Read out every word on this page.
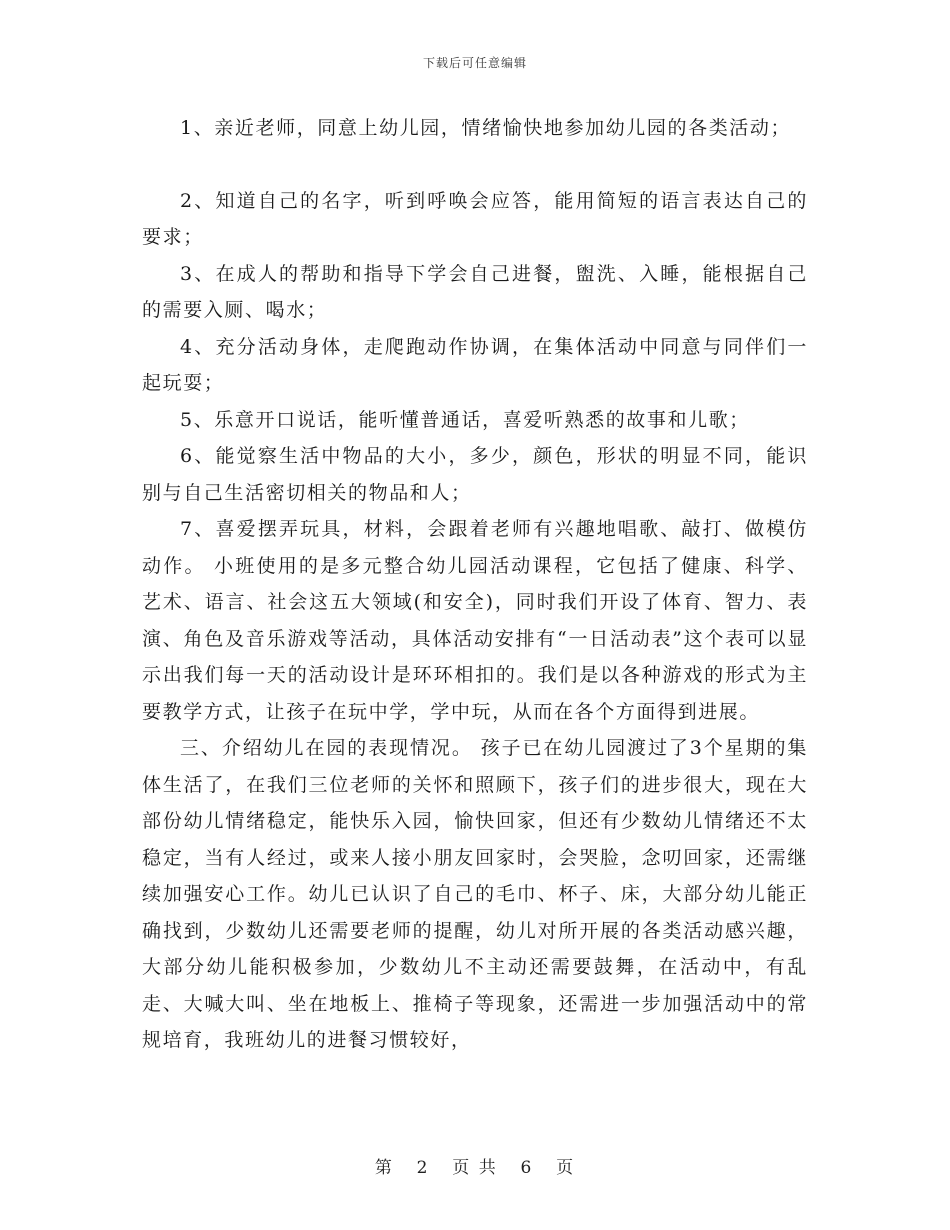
下载后可任意编辑

1、亲近老师，同意上幼儿园，情绪愉快地参加幼儿园的各类活动；

2、知道自己的名字，听到呼唤会应答，能用简短的语言表达自己的要求；

3、在成人的帮助和指导下学会自己进餐，盥洗、入睡，能根据自己的需要入厕、喝水；

4、充分活动身体，走爬跑动作协调，在集体活动中同意与同伴们一起玩耍；

5、乐意开口说话，能听懂普通话，喜爱听熟悉的故事和儿歌；

6、能觉察生活中物品的大小，多少，颜色，形状的明显不同，能识别与自己生活密切相关的物品和人；

7、喜爱摆弄玩具，材料，会跟着老师有兴趣地唱歌、敲打、做模仿动作。 小班使用的是多元整合幼儿园活动课程，它包括了健康、科学、艺术、语言、社会这五大领域(和安全)，同时我们开设了体育、智力、表演、角色及音乐游戏等活动，具体活动安排有“一日活动表”这个表可以显示出我们每一天的活动设计是环环相扣的。我们是以各种游戏的形式为主要教学方式，让孩子在玩中学，学中玩，从而在各个方面得到进展。

三、介绍幼儿在园的表现情况。 孩子已在幼儿园渡过了3个星期的集体生活了，在我们三位老师的关怀和照顾下，孩子们的进步很大，现在大部份幼儿情绪稳定，能快乐入园，愉快回家，但还有少数幼儿情绪还不太稳定，当有人经过，或来人接小朋友回家时，会哭脸，念叨回家，还需继续加强安心工作。幼儿已认识了自己的毛巾、杯子、床，大部分幼儿能正确找到，少数幼儿还需要老师的提醒，幼儿对所开展的各类活动感兴趣，大部分幼儿能积极参加，少数幼儿不主动还需要鼓舞，在活动中，有乱走、大喊大叫、坐在地板上、推椅子等现象，还需进一步加强活动中的常规培育，我班幼儿的进餐习惯较好，

第 2 页 共 6 页
